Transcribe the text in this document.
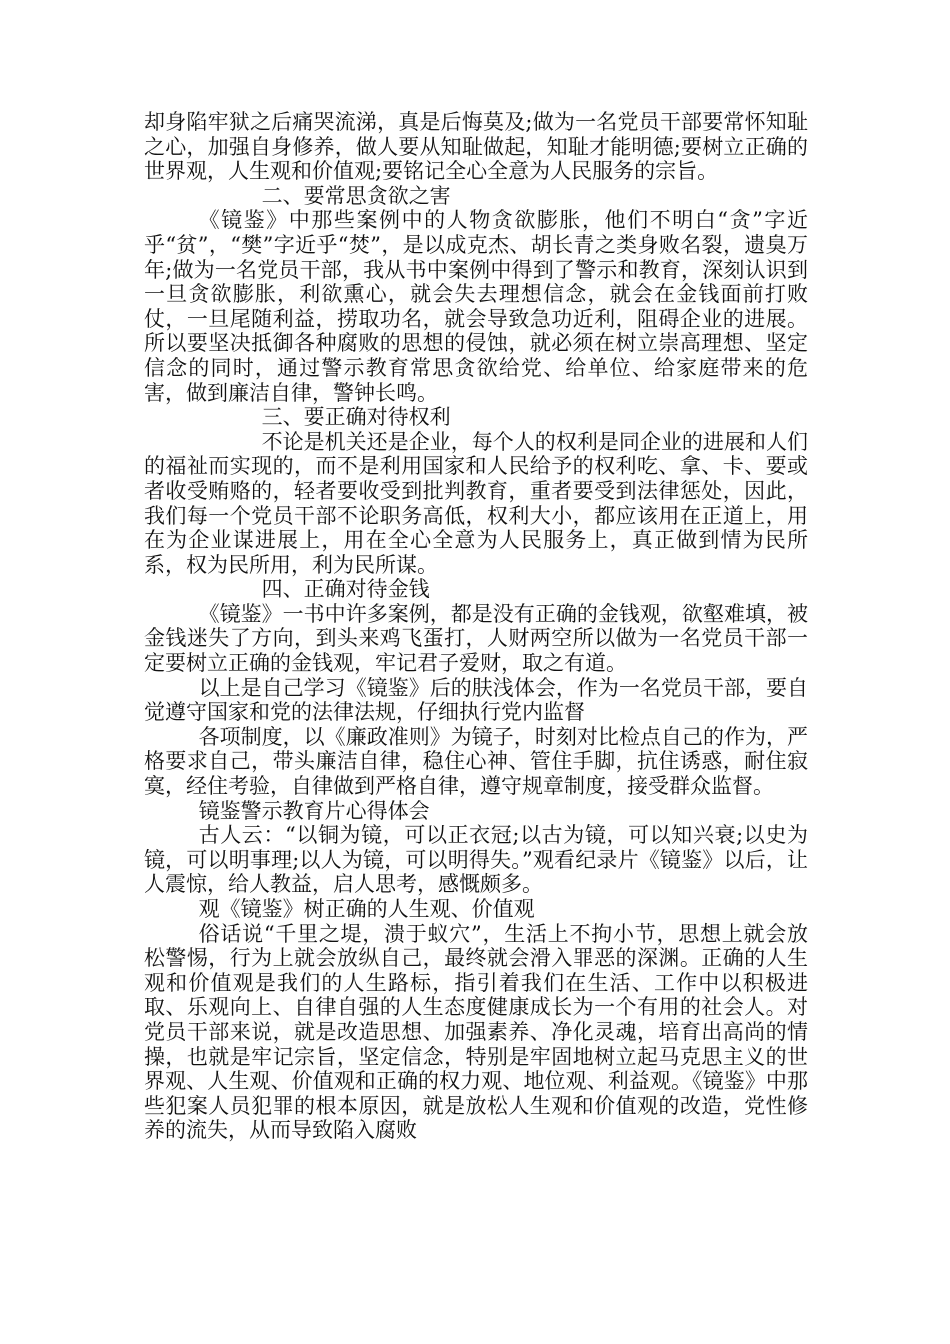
却身陷牢狱之后痛哭流涕，真是后悔莫及;做为一名党员干部要常怀知耻之心，加强自身修养，做人要从知耻做起，知耻才能明德;要树立正确的世界观，人生观和价值观;要铭记全心全意为人民服务的宗旨。

二、要常思贪欲之害

《镜鉴》中那些案例中的人物贪欲膨胀，他们不明白“贪”字近乎“贫”，“樊”字近乎“焚”，是以成克杰、胡长青之类身败名裂，遗臭万年;做为一名党员干部，我从书中案例中得到了警示和教育，深刻认识到一旦贪欲膨胀，利欲熏心，就会失去理想信念，就会在金钱面前打败仗，一旦尾随利益，捞取功名，就会导致急功近利，阻碍企业的进展。所以要坚决抵御各种腐败的思想的侵蚀，就必须在树立崇高理想、坚定信念的同时，通过警示教育常思贪欲给党、给单位、给家庭带来的危害，做到廉洁自律，警钟长鸣。

三、要正确对待权利

不论是机关还是企业，每个人的权利是同企业的进展和人们的福祉而实现的，而不是利用国家和人民给予的权利吃、拿、卡、要或者收受贿赂的，轻者要收受到批判教育，重者要受到法律惩处，因此，我们每一个党员干部不论职务高低，权利大小，都应该用在正道上，用在为企业谋进展上，用在全心全意为人民服务上，真正做到情为民所系，权为民所用，利为民所谋。

四、正确对待金钱

《镜鉴》一书中许多案例，都是没有正确的金钱观，欲壑难填，被金钱迷失了方向，到头来鸡飞蛋打，人财两空所以做为一名党员干部一定要树立正确的金钱观，牢记君子爱财，取之有道。

以上是自己学习《镜鉴》后的肤浅体会，作为一名党员干部，要自觉遵守国家和党的法律法规，仔细执行党内监督

各项制度，以《廉政准则》为镜子，时刻对比检点自己的作为，严格要求自己，带头廉洁自律，稳住心神、管住手脚，抗住诱惑，耐住寂寞，经住考验，自律做到严格自律，遵守规章制度，接受群众监督。

镜鉴警示教育片心得体会

古人云：“以铜为镜，可以正衣冠;以古为镜，可以知兴衰;以史为镜，可以明事理;以人为镜，可以明得失。”观看纪录片《镜鉴》以后，让人震惊，给人教益，启人思考，感慨颇多。

观《镜鉴》树正确的人生观、价值观

俗话说“千里之堤，溃于蚁穴”，生活上不拘小节，思想上就会放松警惕，行为上就会放纵自己，最终就会滑入罪恶的深渊。正确的人生观和价值观是我们的人生路标，指引着我们在生活、工作中以积极进取、乐观向上、自律自强的人生态度健康成长为一个有用的社会人。对党员干部来说，就是改造思想、加强素养、净化灵魂，培育出高尚的情操，也就是牢记宗旨，坚定信念，特别是牢固地树立起马克思主义的世界观、人生观、价值观和正确的权力观、地位观、利益观。《镜鉴》中那些犯案人员犯罪的根本原因，就是放松人生观和价值观的改造，党性修养的流失，从而导致陷入腐败
